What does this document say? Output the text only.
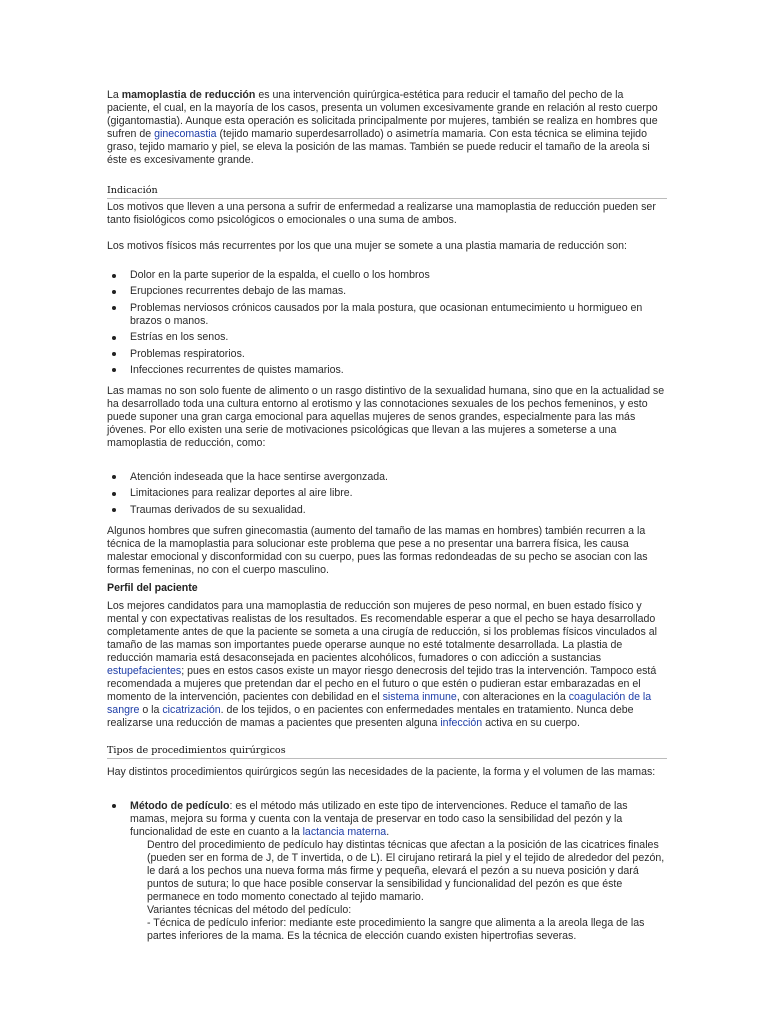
La mamoplastia de reducción es una intervención quirúrgica-estética para reducir el tamaño del pecho de la paciente, el cual, en la mayoría de los casos, presenta un volumen excesivamente grande en relación al resto cuerpo (gigantomastia). Aunque esta operación es solicitada principalmente por mujeres, también se realiza en hombres que sufren de ginecomastia (tejido mamario superdesarrollado) o asimetría mamaria. Con esta técnica se elimina tejido graso, tejido mamario y piel, se eleva la posición de las mamas. También se puede reducir el tamaño de la areola si éste es excesivamente grande.

Indicación

Los motivos que lleven a una persona a sufrir de enfermedad a realizarse una mamoplastia de reducción pueden ser tanto fisiológicos como psicológicos o emocionales o una suma de ambos.

Los motivos físicos más recurrentes por los que una mujer se somete a una plastia mamaria de reducción son:

Dolor en la parte superior de la espalda, el cuello o los hombros
Erupciones recurrentes debajo de las mamas.
Problemas nerviosos crónicos causados por la mala postura, que ocasionan entumecimiento u hormigueo en brazos o manos.
Estrías en los senos.
Problemas respiratorios.
Infecciones recurrentes de quistes mamarios.

Las mamas no son solo fuente de alimento o un rasgo distintivo de la sexualidad humana, sino que en la actualidad se ha desarrollado toda una cultura entorno al erotismo y las connotaciones sexuales de los pechos femeninos, y esto puede suponer una gran carga emocional para aquellas mujeres de senos grandes, especialmente para las más jóvenes. Por ello existen una serie de motivaciones psicológicas que llevan a las mujeres a someterse a una mamoplastia de reducción, como:

Atención indeseada que la hace sentirse avergonzada.
Limitaciones para realizar deportes al aire libre.
Traumas derivados de su sexualidad.

Algunos hombres que sufren ginecomastia (aumento del tamaño de las mamas en hombres) también recurren a la técnica de la mamoplastia para solucionar este problema que pese a no presentar una barrera física, les causa malestar emocional y disconformidad con su cuerpo, pues las formas redondeadas de su pecho se asocian con las formas femeninas, no con el cuerpo masculino.

Perfil del paciente

Los mejores candidatos para una mamoplastia de reducción son mujeres de peso normal, en buen estado físico y mental y con expectativas realistas de los resultados. Es recomendable esperar a que el pecho se haya desarrollado completamente antes de que la paciente se someta a una cirugía de reducción, si los problemas físicos vinculados al tamaño de las mamas son importantes puede operarse aunque no esté totalmente desarrollada. La plastia de reducción mamaria está desaconsejada en pacientes alcohólicos, fumadores o con adicción a sustancias estupefacientes; pues en estos casos existe un mayor riesgo denecrosis del tejido tras la intervención. Tampoco está recomendada a mujeres que pretendan dar el pecho en el futuro o que estén o pudieran estar embarazadas en el momento de la intervención, pacientes con debilidad en el sistema inmune, con alteraciones en la coagulación de la sangre o la cicatrización. de los tejidos, o en pacientes con enfermedades mentales en tratamiento. Nunca debe realizarse una reducción de mamas a pacientes que presenten alguna infección activa en su cuerpo.

Tipos de procedimientos quirúrgicos

Hay distintos procedimientos quirúrgicos según las necesidades de la paciente, la forma y el volumen de las mamas:

Método de pedículo: es el método más utilizado en este tipo de intervenciones. Reduce el tamaño de las mamas, mejora su forma y cuenta con la ventaja de preservar en todo caso la sensibilidad del pezón y la funcionalidad de este en cuanto a la lactancia materna.

Dentro del procedimiento de pedículo hay distintas técnicas que afectan a la posición de las cicatrices finales (pueden ser en forma de J, de T invertida, o de L). El cirujano retirará la piel y el tejido de alrededor del pezón, le dará a los pechos una nueva forma más firme y pequeña, elevará el pezón a su nueva posición y dará puntos de sutura; lo que hace posible conservar la sensibilidad y funcionalidad del pezón es que éste permanece en todo momento conectado al tejido mamario.

Variantes técnicas del método del pedículo:

- Técnica de pedículo inferior: mediante este procedimiento la sangre que alimenta a la areola llega de las partes inferiores de la mama. Es la técnica de elección cuando existen hipertrofias severas.
